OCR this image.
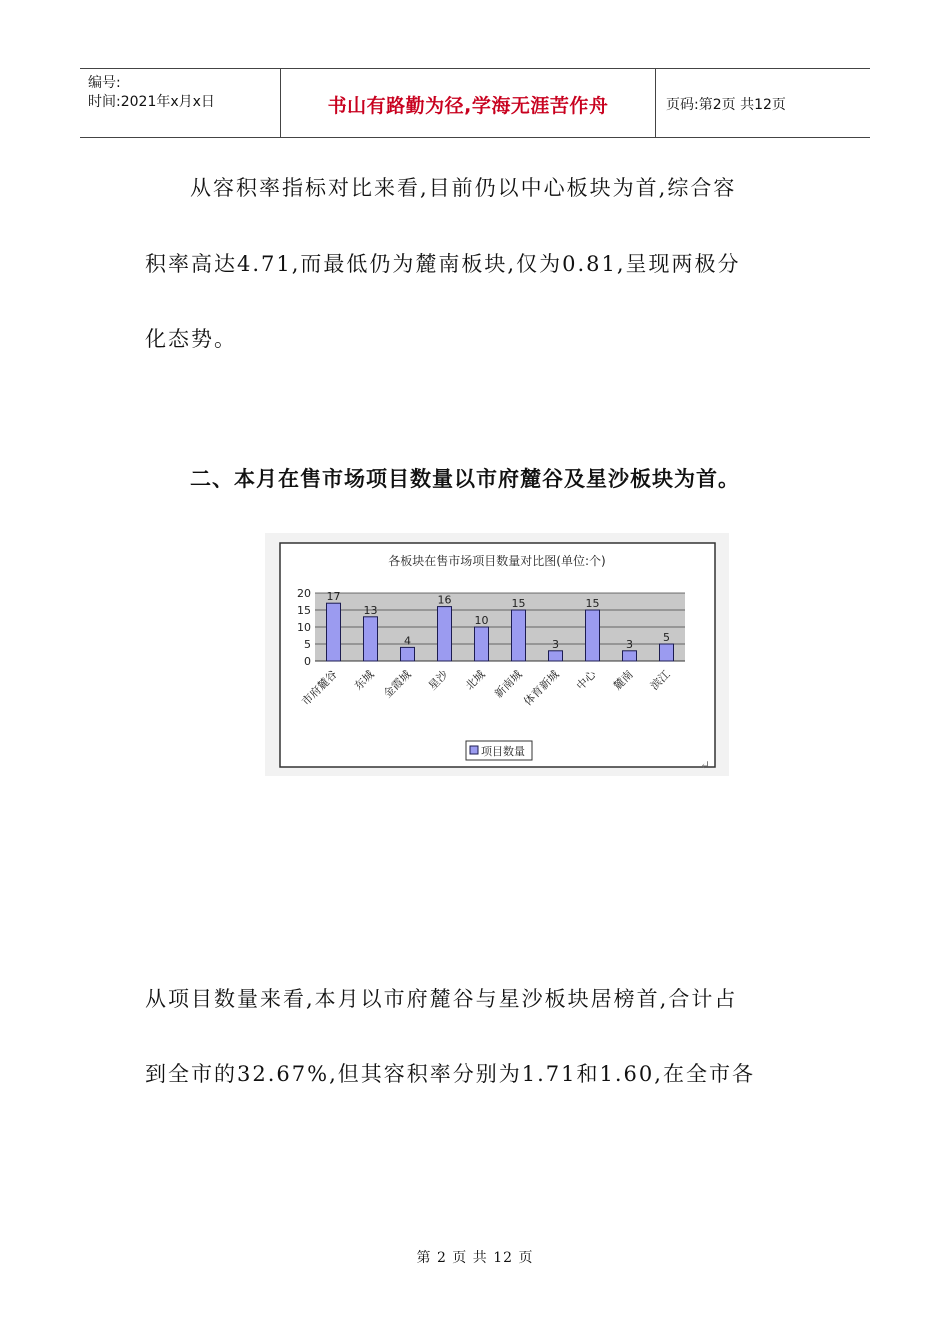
编号:
时间:2021年x月x日	书山有路勤为径,学海无涯苦作舟	页码:第2页 共12页
从容积率指标对比来看,目前仍以中心板块为首,综合容
积率高达4.71,而最低仍为麓南板块,仅为0.81,呈现两极分
化态势。
二、本月在售市场项目数量以市府麓谷及星沙板块为首。
各板块在售市场项目数量对比图(单位:个)
0
5
10
15
20 17
市府麓谷
13
东城
4
金霞城
16
星沙
10
北城
15
新南城
3
体育新城
15
中心
3
麓南
5
滨江
项目数量
↵
从项目数量来看,本月以市府麓谷与星沙板块居榜首,合计占
到全市的32.67%,但其容积率分别为1.71和1.60,在全市各
第 2 页 共 12 页
